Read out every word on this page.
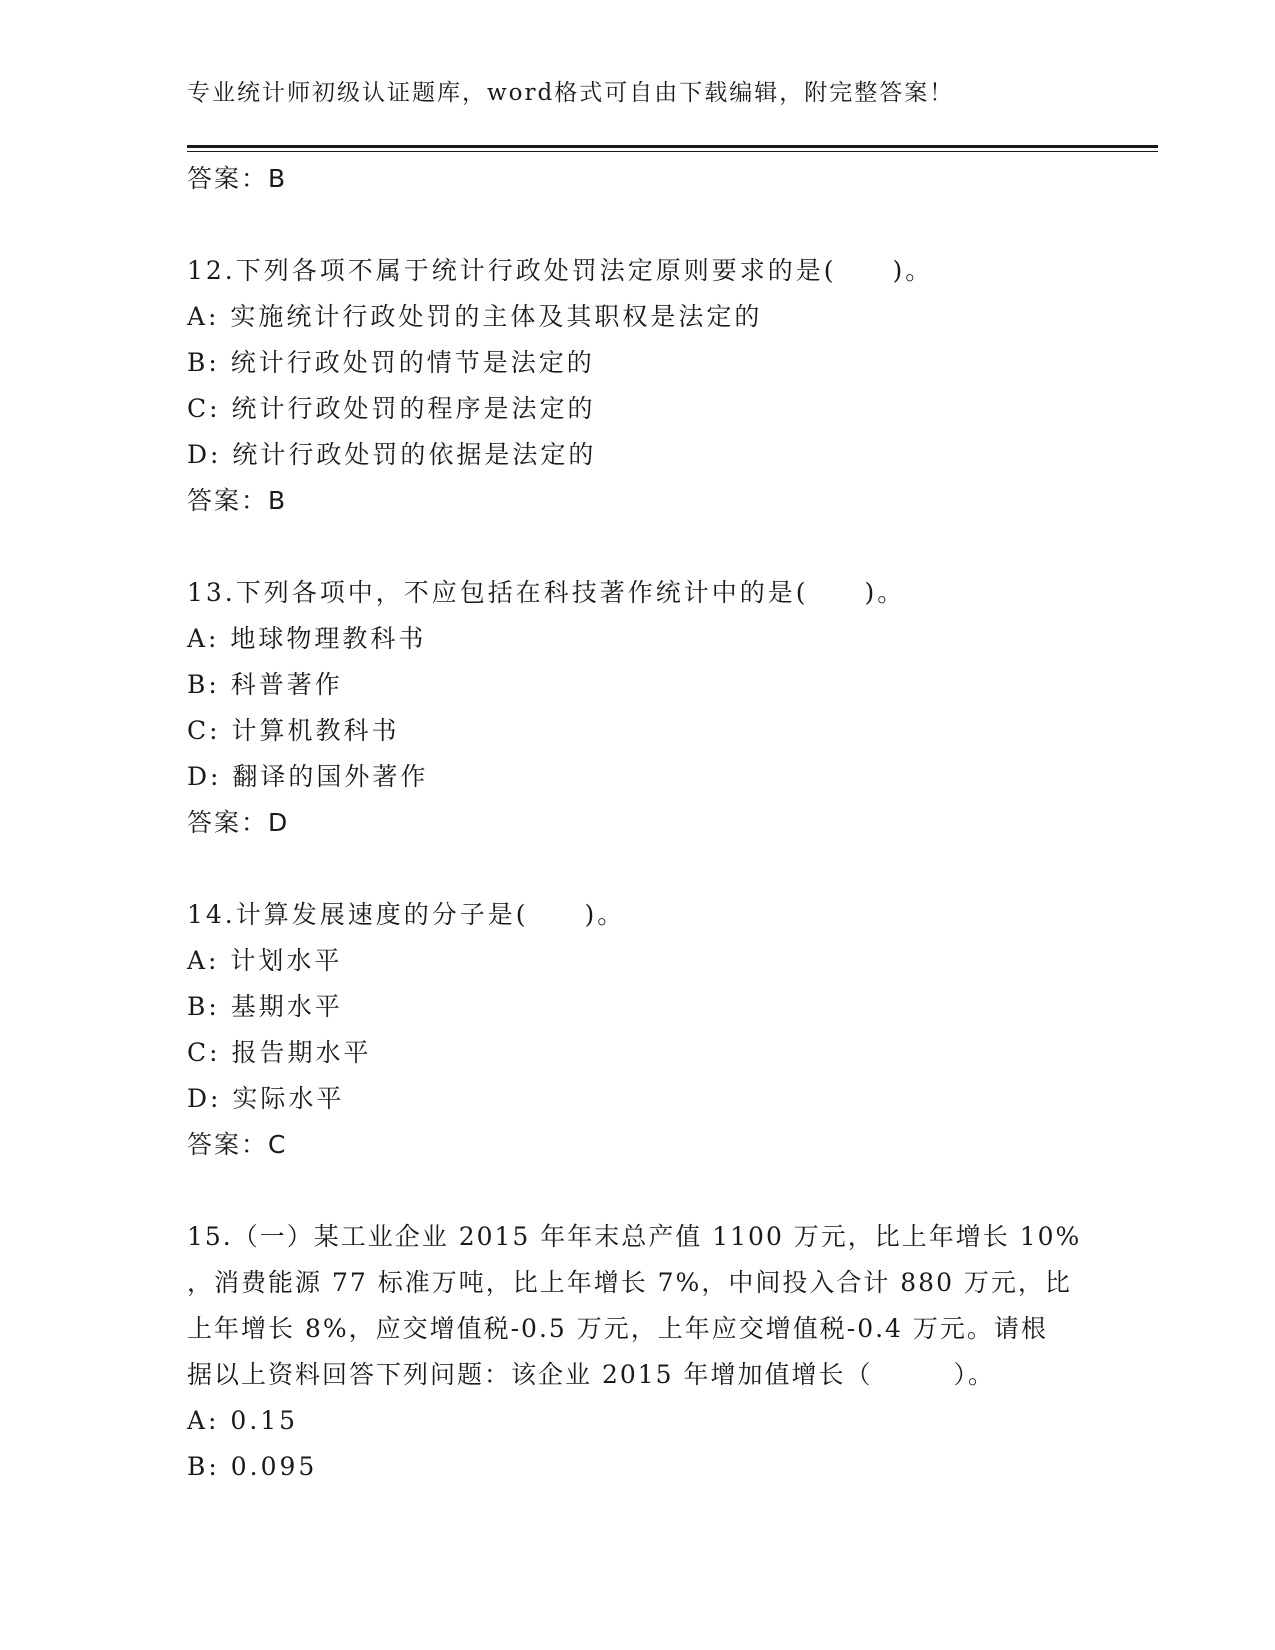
专业统计师初级认证题库，word格式可自由下载编辑，附完整答案！
答案：B
12.下列各项不属于统计行政处罚法定原则要求的是(　　)。
A: 实施统计行政处罚的主体及其职权是法定的
B: 统计行政处罚的情节是法定的
C: 统计行政处罚的程序是法定的
D: 统计行政处罚的依据是法定的
答案：B
13.下列各项中，不应包括在科技著作统计中的是(　　)。
A: 地球物理教科书
B: 科普著作
C: 计算机教科书
D: 翻译的国外著作
答案：D
14.计算发展速度的分子是(　　)。
A: 计划水平
B: 基期水平
C: 报告期水平
D: 实际水平
答案：C
15.（一）某工业企业 2015 年年末总产值 1100 万元，比上年增长 10%
，消费能源 77 标准万吨，比上年增长 7%，中间投入合计 880 万元，比
上年增长 8%，应交增值税-0.5 万元，上年应交增值税-0.4 万元。请根
据以上资料回答下列问题：该企业 2015 年增加值增长（　　　）。
A: 0.15
B: 0.095
